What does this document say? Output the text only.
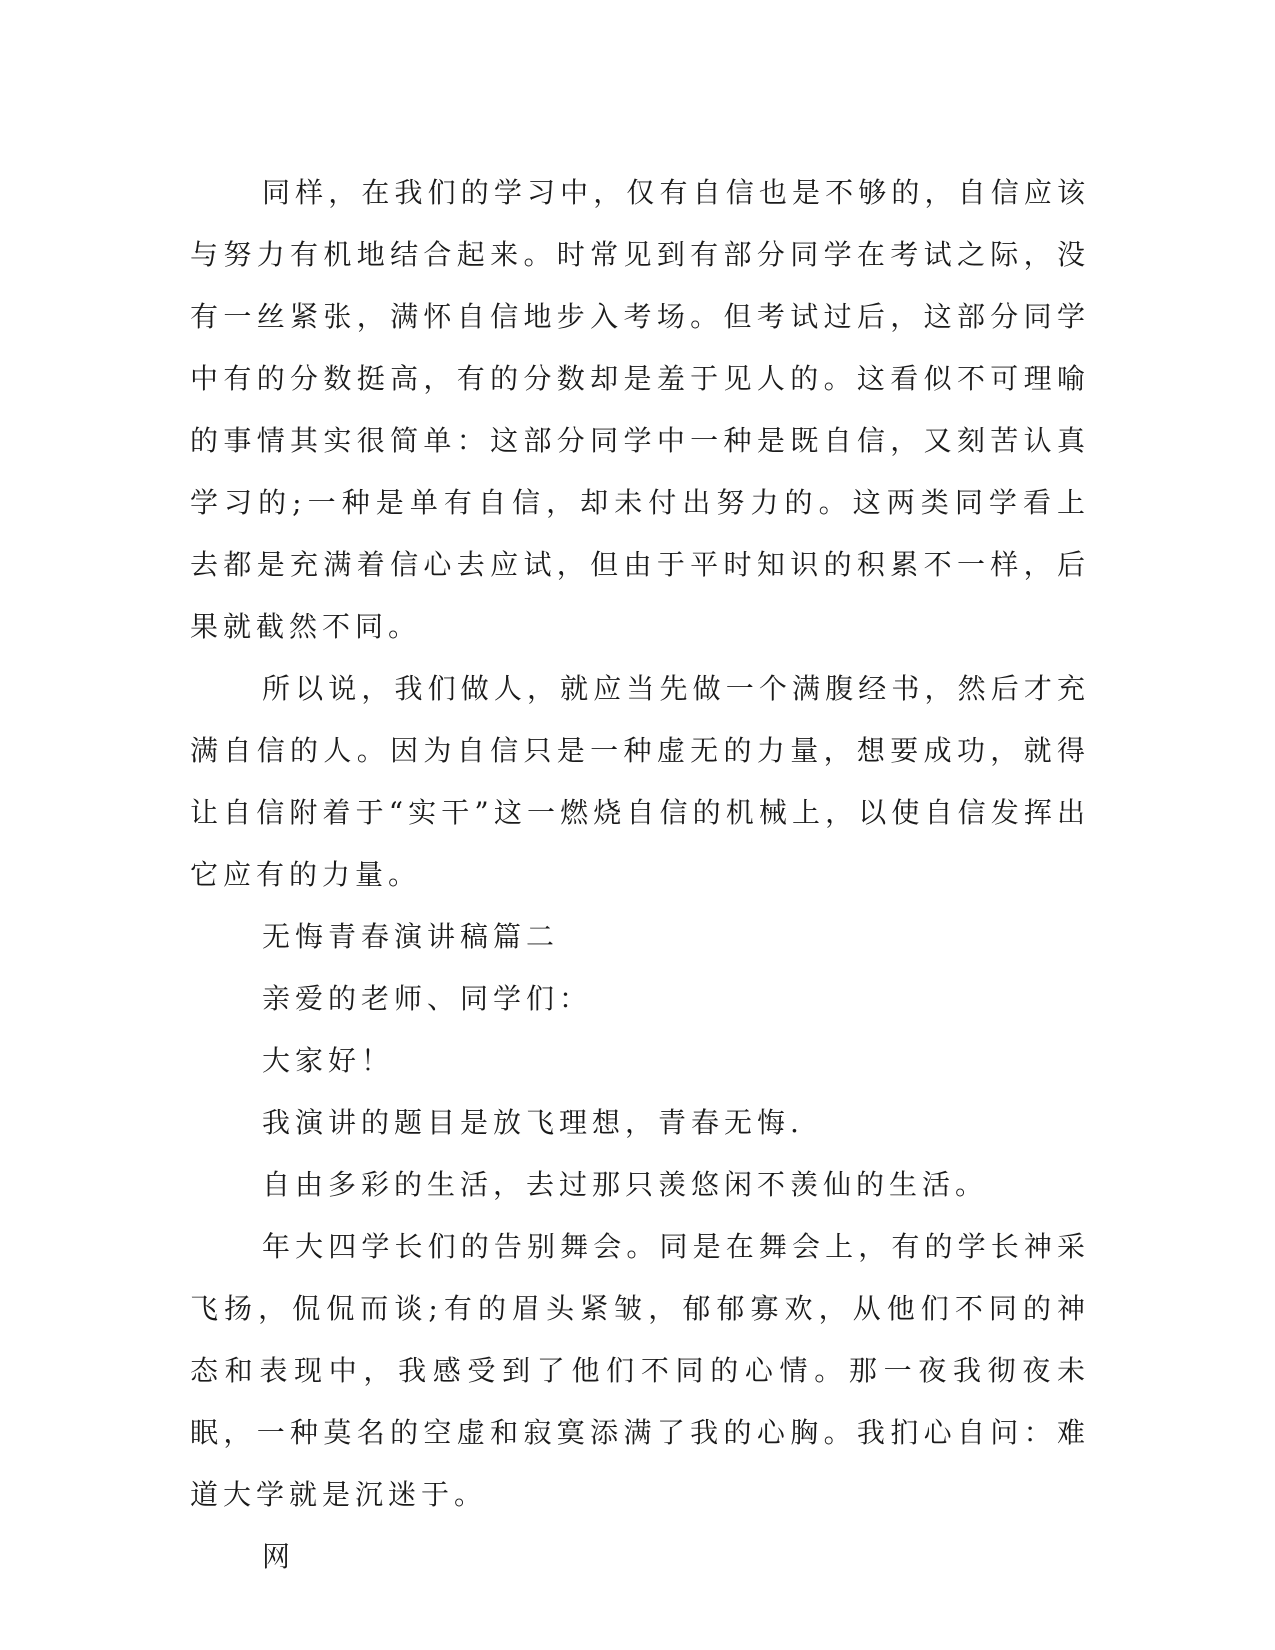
同样，在我们的学习中，仅有自信也是不够的，自信应该与努力有机地结合起来。时常见到有部分同学在考试之际，没有一丝紧张，满怀自信地步入考场。但考试过后，这部分同学中有的分数挺高，有的分数却是羞于见人的。这看似不可理喻的事情其实很简单：这部分同学中一种是既自信，又刻苦认真学习的;一种是单有自信，却未付出努力的。这两类同学看上去都是充满着信心去应试，但由于平时知识的积累不一样，后果就截然不同。

所以说，我们做人，就应当先做一个满腹经书，然后才充满自信的人。因为自信只是一种虚无的力量，想要成功，就得让自信附着于“实干”这一燃烧自信的机械上，以使自信发挥出它应有的力量。

无悔青春演讲稿篇二

亲爱的老师、同学们：

大家好！

我演讲的题目是放飞理想，青春无悔.

自由多彩的生活，去过那只羡悠闲不羡仙的生活。

年大四学长们的告别舞会。同是在舞会上，有的学长神采飞扬，侃侃而谈;有的眉头紧皱，郁郁寡欢，从他们不同的神态和表现中，我感受到了他们不同的心情。那一夜我彻夜未眠，一种莫名的空虚和寂寞添满了我的心胸。我扪心自问：难道大学就是沉迷于。

网
